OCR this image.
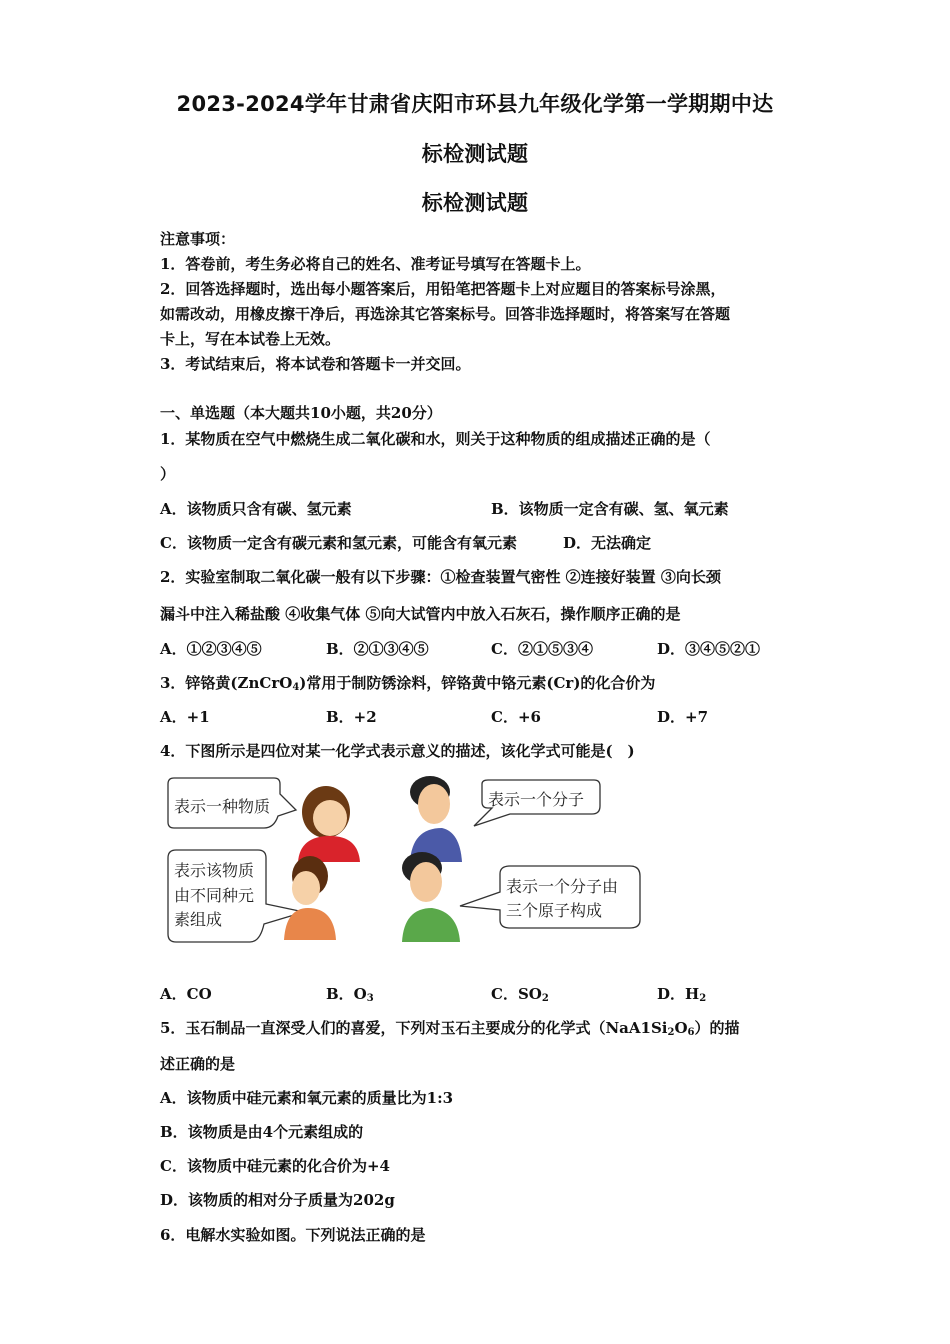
2023-2024学年甘肃省庆阳市环县九年级化学第一学期期中达
标检测试题
标检测试题
注意事项：
1．答卷前，考生务必将自己的姓名、准考证号填写在答题卡上。
2．回答选择题时，选出每小题答案后，用铅笔把答题卡上对应题目的答案标号涂黑，
如需改动，用橡皮擦干净后，再选涂其它答案标号。回答非选择题时，将答案写在答题
卡上，写在本试卷上无效。
3．考试结束后，将本试卷和答题卡一并交回。
一、单选题（本大题共10小题，共20分）
1．某物质在空气中燃烧生成二氧化碳和水，则关于这种物质的组成描述正确的是（
）
A．该物质只含有碳、氢元素	B．该物质一定含有碳、氢、氧元素
C．该物质一定含有碳元素和氢元素，可能含有氧元素	D．无法确定
2．实验室制取二氧化碳一般有以下步骤：①检查装置气密性 ②连接好装置 ③向长颈
漏斗中注入稀盐酸 ④收集气体 ⑤向大试管内中放入石灰石，操作顺序正确的是
A．①②③④⑤	B．②①③④⑤	C．②①⑤③④	D．③④⑤②①
3．锌铬黄(ZnCrO$_4$)常用于制防锈涂料，锌铬黄中铬元素(Cr)的化合价为
A．+1	B．+2	C．+6	D．+7
4．下图所示是四位对某一化学式表示意义的描述，该化学式可能是(　)
表示一种物质	表示一个分子
表示该物质
由不同种元
素组成
表示一个分子由
三个原子构成
A．CO	B．$O_3$	C．$SO_2$	D．$H_2$
5．玉石制品一直深受人们的喜爱，下列对玉石主要成分的化学式$(NaA1Si_2O_6)$的描
述正确的是
A．该物质中硅元素和氧元素的质量比为1:3
B．该物质是由4个元素组成的
C．该物质中硅元素的化合价为+4
D．该物质的相对分子质量为202g
6．电解水实验如图。下列说法正确的是
